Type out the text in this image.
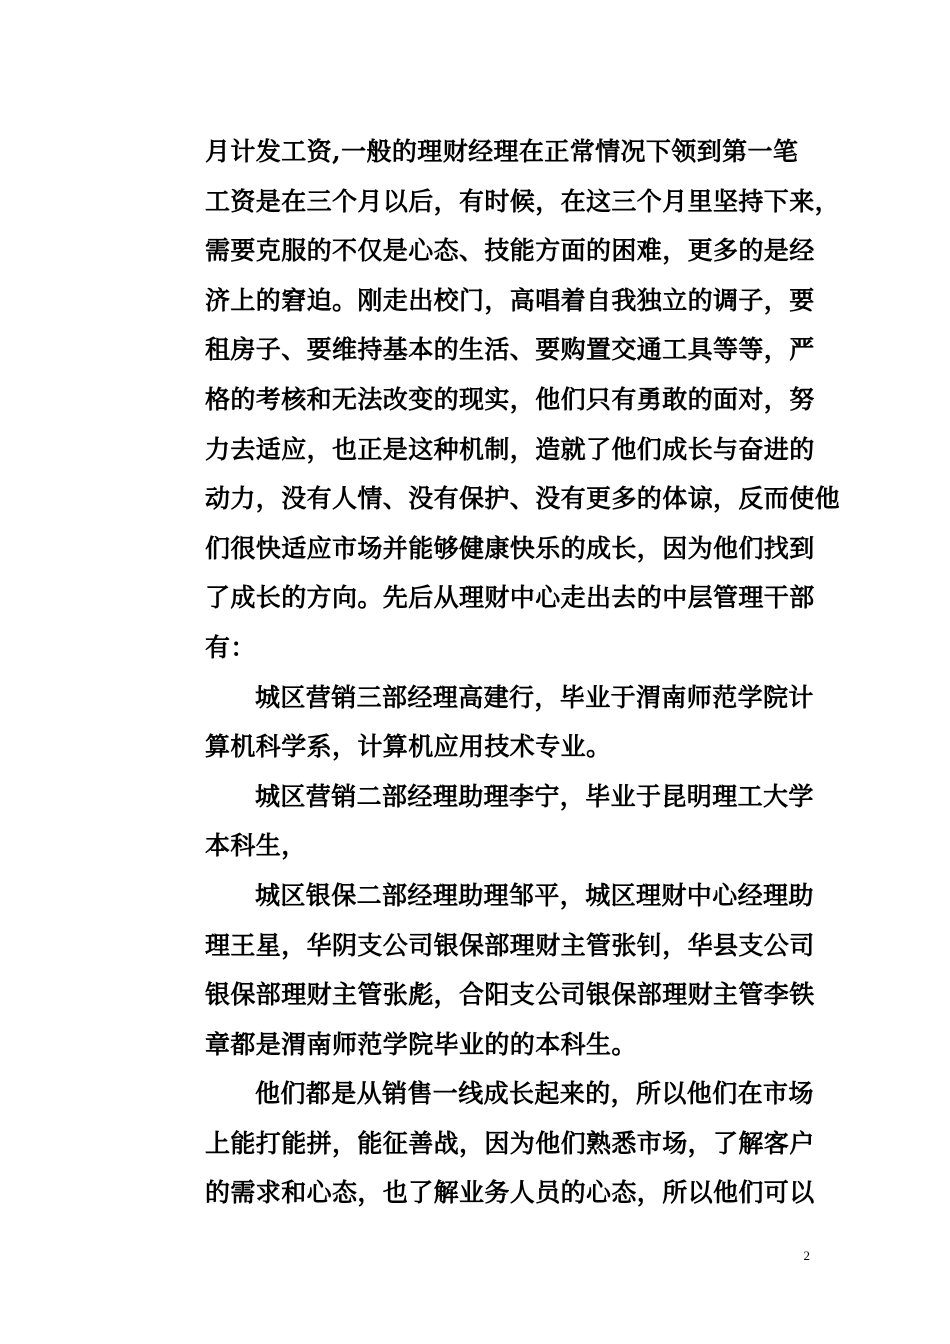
月计发工资,一般的理财经理在正常情况下领到第一笔
工资是在三个月以后，有时候，在这三个月里坚持下来，
需要克服的不仅是心态、技能方面的困难，更多的是经
济上的窘迫。刚走出校门，高唱着自我独立的调子，要
租房子、要维持基本的生活、要购置交通工具等等，严
格的考核和无法改变的现实，他们只有勇敢的面对，努
力去适应，也正是这种机制，造就了他们成长与奋进的
动力，没有人情、没有保护、没有更多的体谅，反而使他
们很快适应市场并能够健康快乐的成长，因为他们找到
了成长的方向。先后从理财中心走出去的中层管理干部
有：
城区营销三部经理高建行，毕业于渭南师范学院计
算机科学系，计算机应用技术专业。
城区营销二部经理助理李宁，毕业于昆明理工大学
本科生，
城区银保二部经理助理邹平，城区理财中心经理助
理王星，华阴支公司银保部理财主管张钊，华县支公司
银保部理财主管张彪，合阳支公司银保部理财主管李铁
章都是渭南师范学院毕业的的本科生。
他们都是从销售一线成长起来的，所以他们在市场
上能打能拼，能征善战，因为他们熟悉市场，了解客户
的需求和心态，也了解业务人员的心态，所以他们可以
2
